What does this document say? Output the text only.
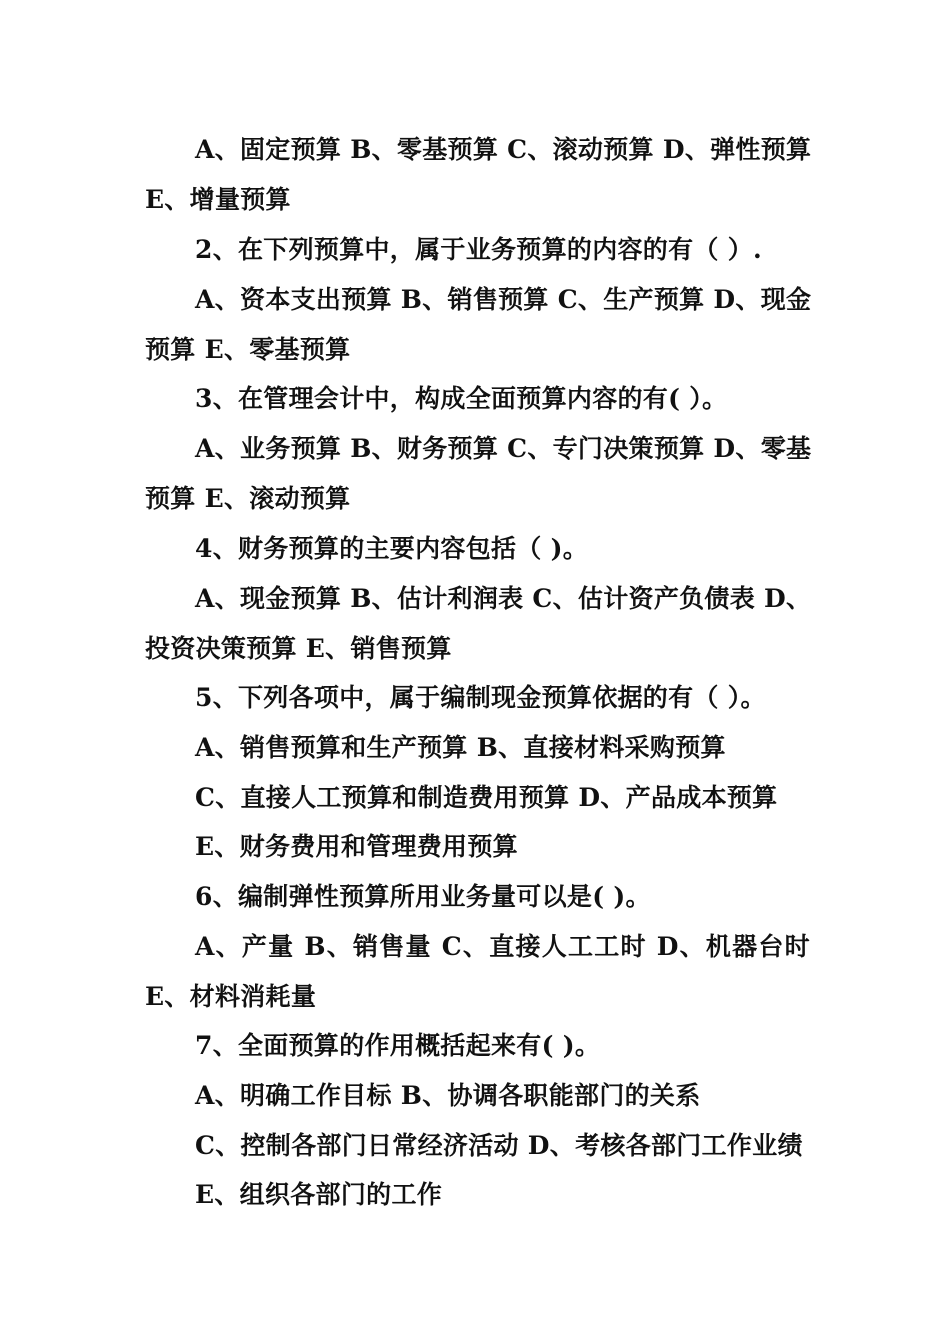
A、固定预算 B、零基预算 C、滚动预算 D、弹性预算
E、增量预算
2、在下列预算中，属于业务预算的内容的有（ ）.
A、资本支出预算 B、销售预算 C、生产预算 D、现金
预算 E、零基预算
3、在管理会计中，构成全面预算内容的有( ）。
A、业务预算 B、财务预算 C、专门决策预算 D、零基
预算 E、滚动预算
4、财务预算的主要内容包括（ )。
A、现金预算 B、估计利润表 C、估计资产负债表 D、
投资决策预算 E、销售预算
5、下列各项中，属于编制现金预算依据的有（ ）。
A、销售预算和生产预算 B、直接材料采购预算
C、直接人工预算和制造费用预算 D、产品成本预算
E、财务费用和管理费用预算
6、编制弹性预算所用业务量可以是( )。
A、产量 B、销售量 C、直接人工工时 D、机器台时
E、材料消耗量
7、全面预算的作用概括起来有( )。
A、明确工作目标 B、协调各职能部门的关系
C、控制各部门日常经济活动 D、考核各部门工作业绩
E、组织各部门的工作
